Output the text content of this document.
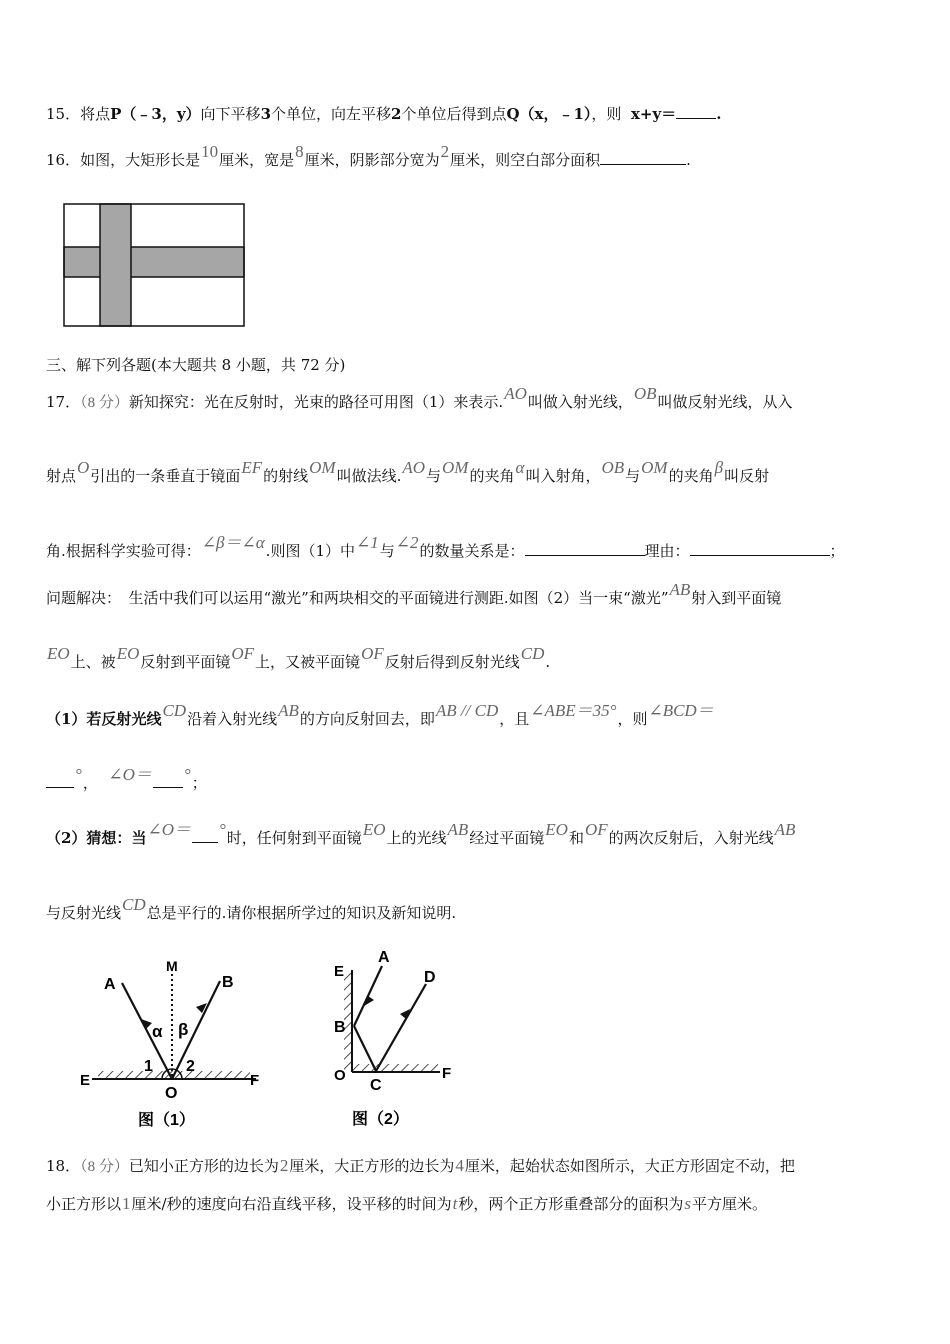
15．将点P（﹣3，y）向下平移3个单位，向左平移2个单位后得到点Q（x，﹣1），则 x+y＝	.
16．如图，大矩形长是10厘米，宽是8厘米，阴影部分宽为2厘米，则空白部分面积	.
三、解下列各题(本大题共 8 小题，共 72 分)
17．（8 分）新知探究：光在反射时，光束的路径可用图（1）来表示.AO叫做入射光线，OB叫做反射光线，从入
射点O引出的一条垂直于镜面EF的射线OM叫做法线.AO与OM的夹角α叫入射角，OB与OM的夹角β叫反射
角.根据科学实验可得：∠β＝∠α.则图（1）中∠1与∠2的数量关系是：	理由：	；
问题解决：　生活中我们可以运用“激光”和两块相交的平面镜进行测距.如图（2）当一束“激光”AB射入到平面镜
EO上、被EO反射到平面镜OF上，又被平面镜OF反射后得到反射光线CD.
（1）若反射光线CD沿着入射光线AB的方向反射回去，即AB // CD，且∠ABE＝35°，则∠BCD＝
°， ∠O＝ °；
（2）猜想：当∠O＝ °时，任何射到平面镜EO上的光线AB经过平面镜EO和OF的两次反射后，入射光线AB
与反射光线CD总是平行的.请你根据所学过的知识及新知说明.
A
M
B
α β
1 2
E
O
F
图（1）
E
A
D
B
O
C
F
图（2）
18．（8 分）已知小正方形的边长为2厘米，大正方形的边长为4厘米，起始状态如图所示，大正方形固定不动，把
小正方形以1厘米/秒的速度向右沿直线平移，设平移的时间为t秒，两个正方形重叠部分的面积为s平方厘米。
